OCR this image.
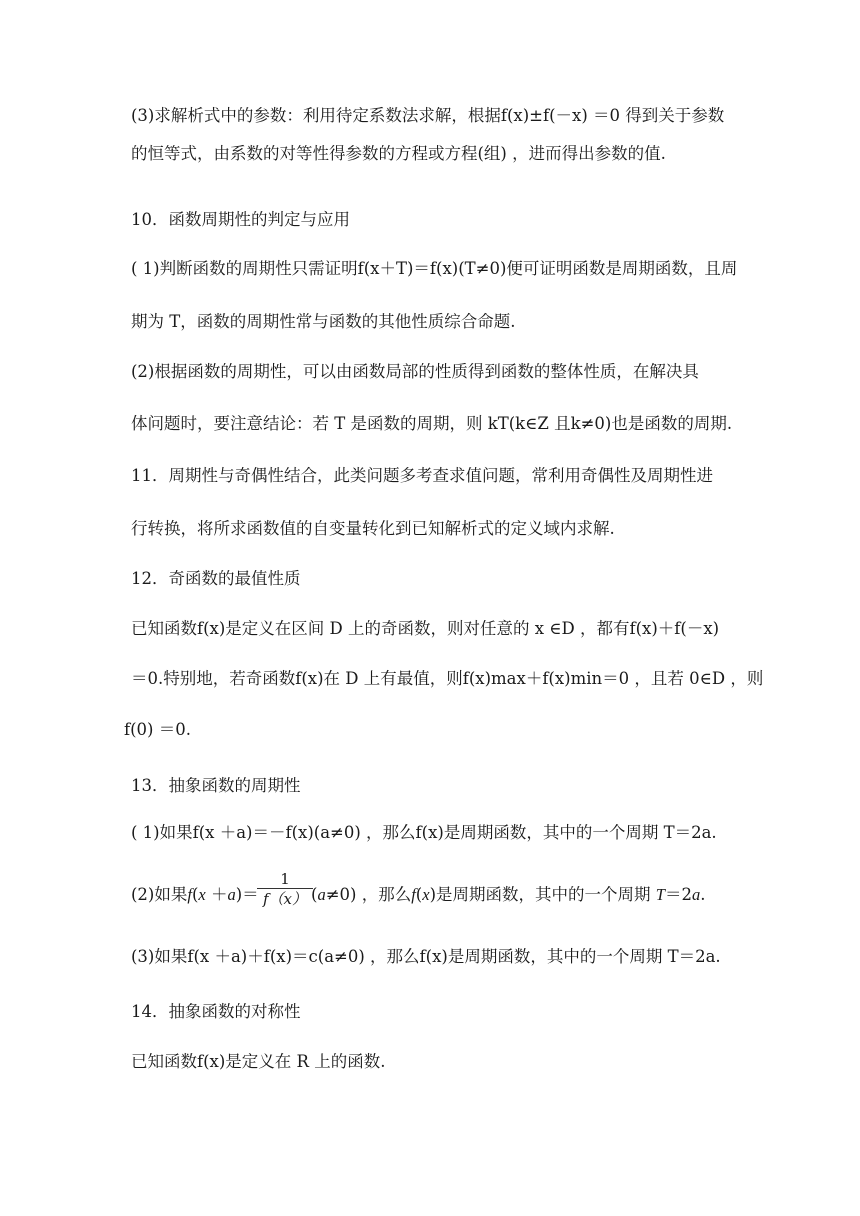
(3)求解析式中的参数：利用待定系数法求解，根据f(x)±f(－x) ＝0 得到关于参数
的恒等式，由系数的对等性得参数的方程或方程(组) ，进而得出参数的值.
10．函数周期性的判定与应用
( 1)判断函数的周期性只需证明f(x＋T)＝f(x)(T≠0)便可证明函数是周期函数，且周
期为 T，函数的周期性常与函数的其他性质综合命题.
(2)根据函数的周期性，可以由函数局部的性质得到函数的整体性质，在解决具
体问题时，要注意结论：若 T 是函数的周期，则 kT(k∈Z 且k≠0)也是函数的周期.
11．周期性与奇偶性结合，此类问题多考查求值问题，常利用奇偶性及周期性进
行转换，将所求函数值的自变量转化到已知解析式的定义域内求解.
12．奇函数的最值性质
已知函数f(x)是定义在区间 D 上的奇函数，则对任意的 x ∈D ，都有f(x)＋f(－x)
＝0.特别地，若奇函数f(x)在 D 上有最值，则f(x)max＋f(x)min＝0 ，且若 0∈D ，则
f(0) ＝0.
13．抽象函数的周期性
( 1)如果f(x ＋a)＝－f(x)(a≠0) ，那么f(x)是周期函数，其中的一个周期 T＝2a.
(2)如果f(x ＋a)＝
$\frac{1}{f(x)}$
(a≠0) ，那么f(x)是周期函数，其中的一个周期 T＝2a.
(3)如果f(x ＋a)＋f(x)＝c(a≠0) ，那么f(x)是周期函数，其中的一个周期 T＝2a.
14．抽象函数的对称性
已知函数f(x)是定义在 R 上的函数.
